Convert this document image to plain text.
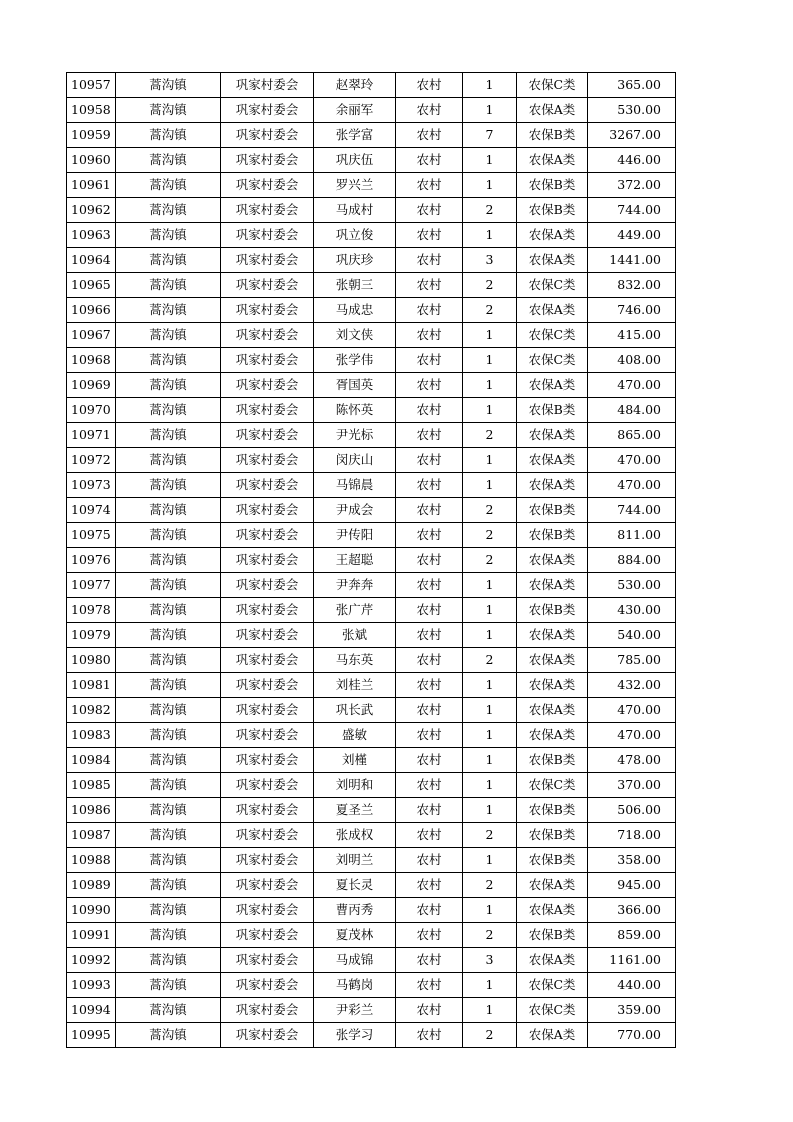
10957	蒿沟镇	巩家村委会	赵翠玲	农村	1	农保C类	365.00
10958	蒿沟镇	巩家村委会	余丽军	农村	1	农保A类	530.00
10959	蒿沟镇	巩家村委会	张学富	农村	7	农保B类	3267.00
10960	蒿沟镇	巩家村委会	巩庆伍	农村	1	农保A类	446.00
10961	蒿沟镇	巩家村委会	罗兴兰	农村	1	农保B类	372.00
10962	蒿沟镇	巩家村委会	马成村	农村	2	农保B类	744.00
10963	蒿沟镇	巩家村委会	巩立俊	农村	1	农保A类	449.00
10964	蒿沟镇	巩家村委会	巩庆珍	农村	3	农保A类	1441.00
10965	蒿沟镇	巩家村委会	张朝三	农村	2	农保C类	832.00
10966	蒿沟镇	巩家村委会	马成忠	农村	2	农保A类	746.00
10967	蒿沟镇	巩家村委会	刘文侠	农村	1	农保C类	415.00
10968	蒿沟镇	巩家村委会	张学伟	农村	1	农保C类	408.00
10969	蒿沟镇	巩家村委会	胥国英	农村	1	农保A类	470.00
10970	蒿沟镇	巩家村委会	陈怀英	农村	1	农保B类	484.00
10971	蒿沟镇	巩家村委会	尹光标	农村	2	农保A类	865.00
10972	蒿沟镇	巩家村委会	闵庆山	农村	1	农保A类	470.00
10973	蒿沟镇	巩家村委会	马锦晨	农村	1	农保A类	470.00
10974	蒿沟镇	巩家村委会	尹成会	农村	2	农保B类	744.00
10975	蒿沟镇	巩家村委会	尹传阳	农村	2	农保B类	811.00
10976	蒿沟镇	巩家村委会	王超聪	农村	2	农保A类	884.00
10977	蒿沟镇	巩家村委会	尹奔奔	农村	1	农保A类	530.00
10978	蒿沟镇	巩家村委会	张广芹	农村	1	农保B类	430.00
10979	蒿沟镇	巩家村委会	张斌	农村	1	农保A类	540.00
10980	蒿沟镇	巩家村委会	马东英	农村	2	农保A类	785.00
10981	蒿沟镇	巩家村委会	刘桂兰	农村	1	农保A类	432.00
10982	蒿沟镇	巩家村委会	巩长武	农村	1	农保A类	470.00
10983	蒿沟镇	巩家村委会	盛敏	农村	1	农保A类	470.00
10984	蒿沟镇	巩家村委会	刘槿	农村	1	农保B类	478.00
10985	蒿沟镇	巩家村委会	刘明和	农村	1	农保C类	370.00
10986	蒿沟镇	巩家村委会	夏圣兰	农村	1	农保B类	506.00
10987	蒿沟镇	巩家村委会	张成权	农村	2	农保B类	718.00
10988	蒿沟镇	巩家村委会	刘明兰	农村	1	农保B类	358.00
10989	蒿沟镇	巩家村委会	夏长灵	农村	2	农保A类	945.00
10990	蒿沟镇	巩家村委会	曹丙秀	农村	1	农保A类	366.00
10991	蒿沟镇	巩家村委会	夏茂林	农村	2	农保B类	859.00
10992	蒿沟镇	巩家村委会	马成锦	农村	3	农保A类	1161.00
10993	蒿沟镇	巩家村委会	马鹤岗	农村	1	农保C类	440.00
10994	蒿沟镇	巩家村委会	尹彩兰	农村	1	农保C类	359.00
10995	蒿沟镇	巩家村委会	张学习	农村	2	农保A类	770.00
